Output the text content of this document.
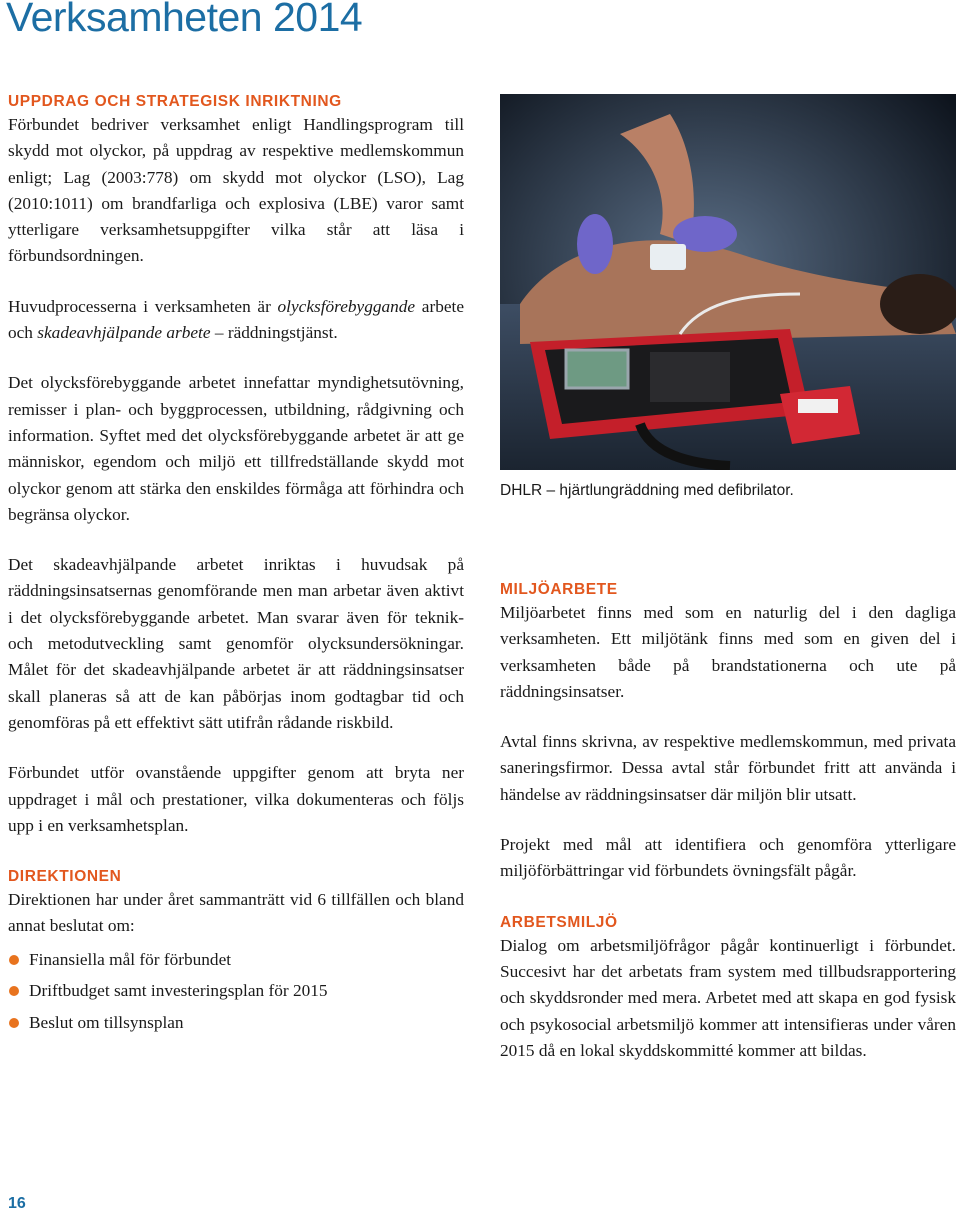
Verksamheten 2014
UPPDRAG OCH STRATEGISK INRIKTNING

Förbundet bedriver verksamhet enligt Handlingsprogram till skydd mot olyckor, på uppdrag av respektive medlemskommun enligt; Lag (2003:778) om skydd mot olyckor (LSO), Lag (2010:1011) om brandfarliga och explosiva (LBE) varor samt ytterligare verksamhetsuppgifter vilka står att läsa i förbundsordningen.

Huvudprocesserna i verksamheten är olycksförebyggande arbete och skadeavhjälpande arbete – räddningstjänst.

Det olycksförebyggande arbetet innefattar myndighetsutövning, remisser i plan- och byggprocessen, utbildning, rådgivning och information. Syftet med det olycksförebyggande arbetet är att ge människor, egendom och miljö ett tillfredställande skydd mot olyckor genom att stärka den enskildes förmåga att förhindra och begränsa olyckor.

Det skadeavhjälpande arbetet inriktas i huvudsak på räddningsinsatsernas genomförande men man arbetar även aktivt i det olycksförebyggande arbetet. Man svarar även för teknik- och metodutveckling samt genomför olycksundersökningar. Målet för det skadeavhjälpande arbetet är att räddningsinsatser skall planeras så att de kan påbörjas inom godtagbar tid och genomföras på ett effektivt sätt utifrån rådande riskbild.

Förbundet utför ovanstående uppgifter genom att bryta ner uppdraget i mål och prestationer, vilka dokumenteras och följs upp i en verksamhetsplan.

DIREKTIONEN

Direktionen har under året sammanträtt vid 6 tillfällen och bland annat beslutat om:

Finansiella mål för förbundet
Driftbudget samt investeringsplan för 2015
Beslut om tillsynsplan
DHLR – hjärtlungräddning med defibrilator.
MILJÖARBETE

Miljöarbetet finns med som en naturlig del i den dagliga verksamheten. Ett miljötänk finns med som en given del i verksamheten både på brandstationerna och ute på räddningsinsatser.

Avtal finns skrivna, av respektive medlemskommun, med privata saneringsfirmor. Dessa avtal står förbundet fritt att använda i händelse av räddningsinsatser där miljön blir utsatt.

Projekt med mål att identifiera och genomföra ytterligare miljöförbättringar vid förbundets övningsfält pågår.

ARBETSMILJÖ

Dialog om arbetsmiljöfrågor pågår kontinuerligt i förbundet. Succesivt har det arbetats fram system med tillbudsrapportering och skyddsronder med mera. Arbetet med att skapa en god fysisk och psykosocial arbetsmiljö kommer att intensifieras under våren 2015 då en lokal skyddskommitté kommer att bildas.

16
